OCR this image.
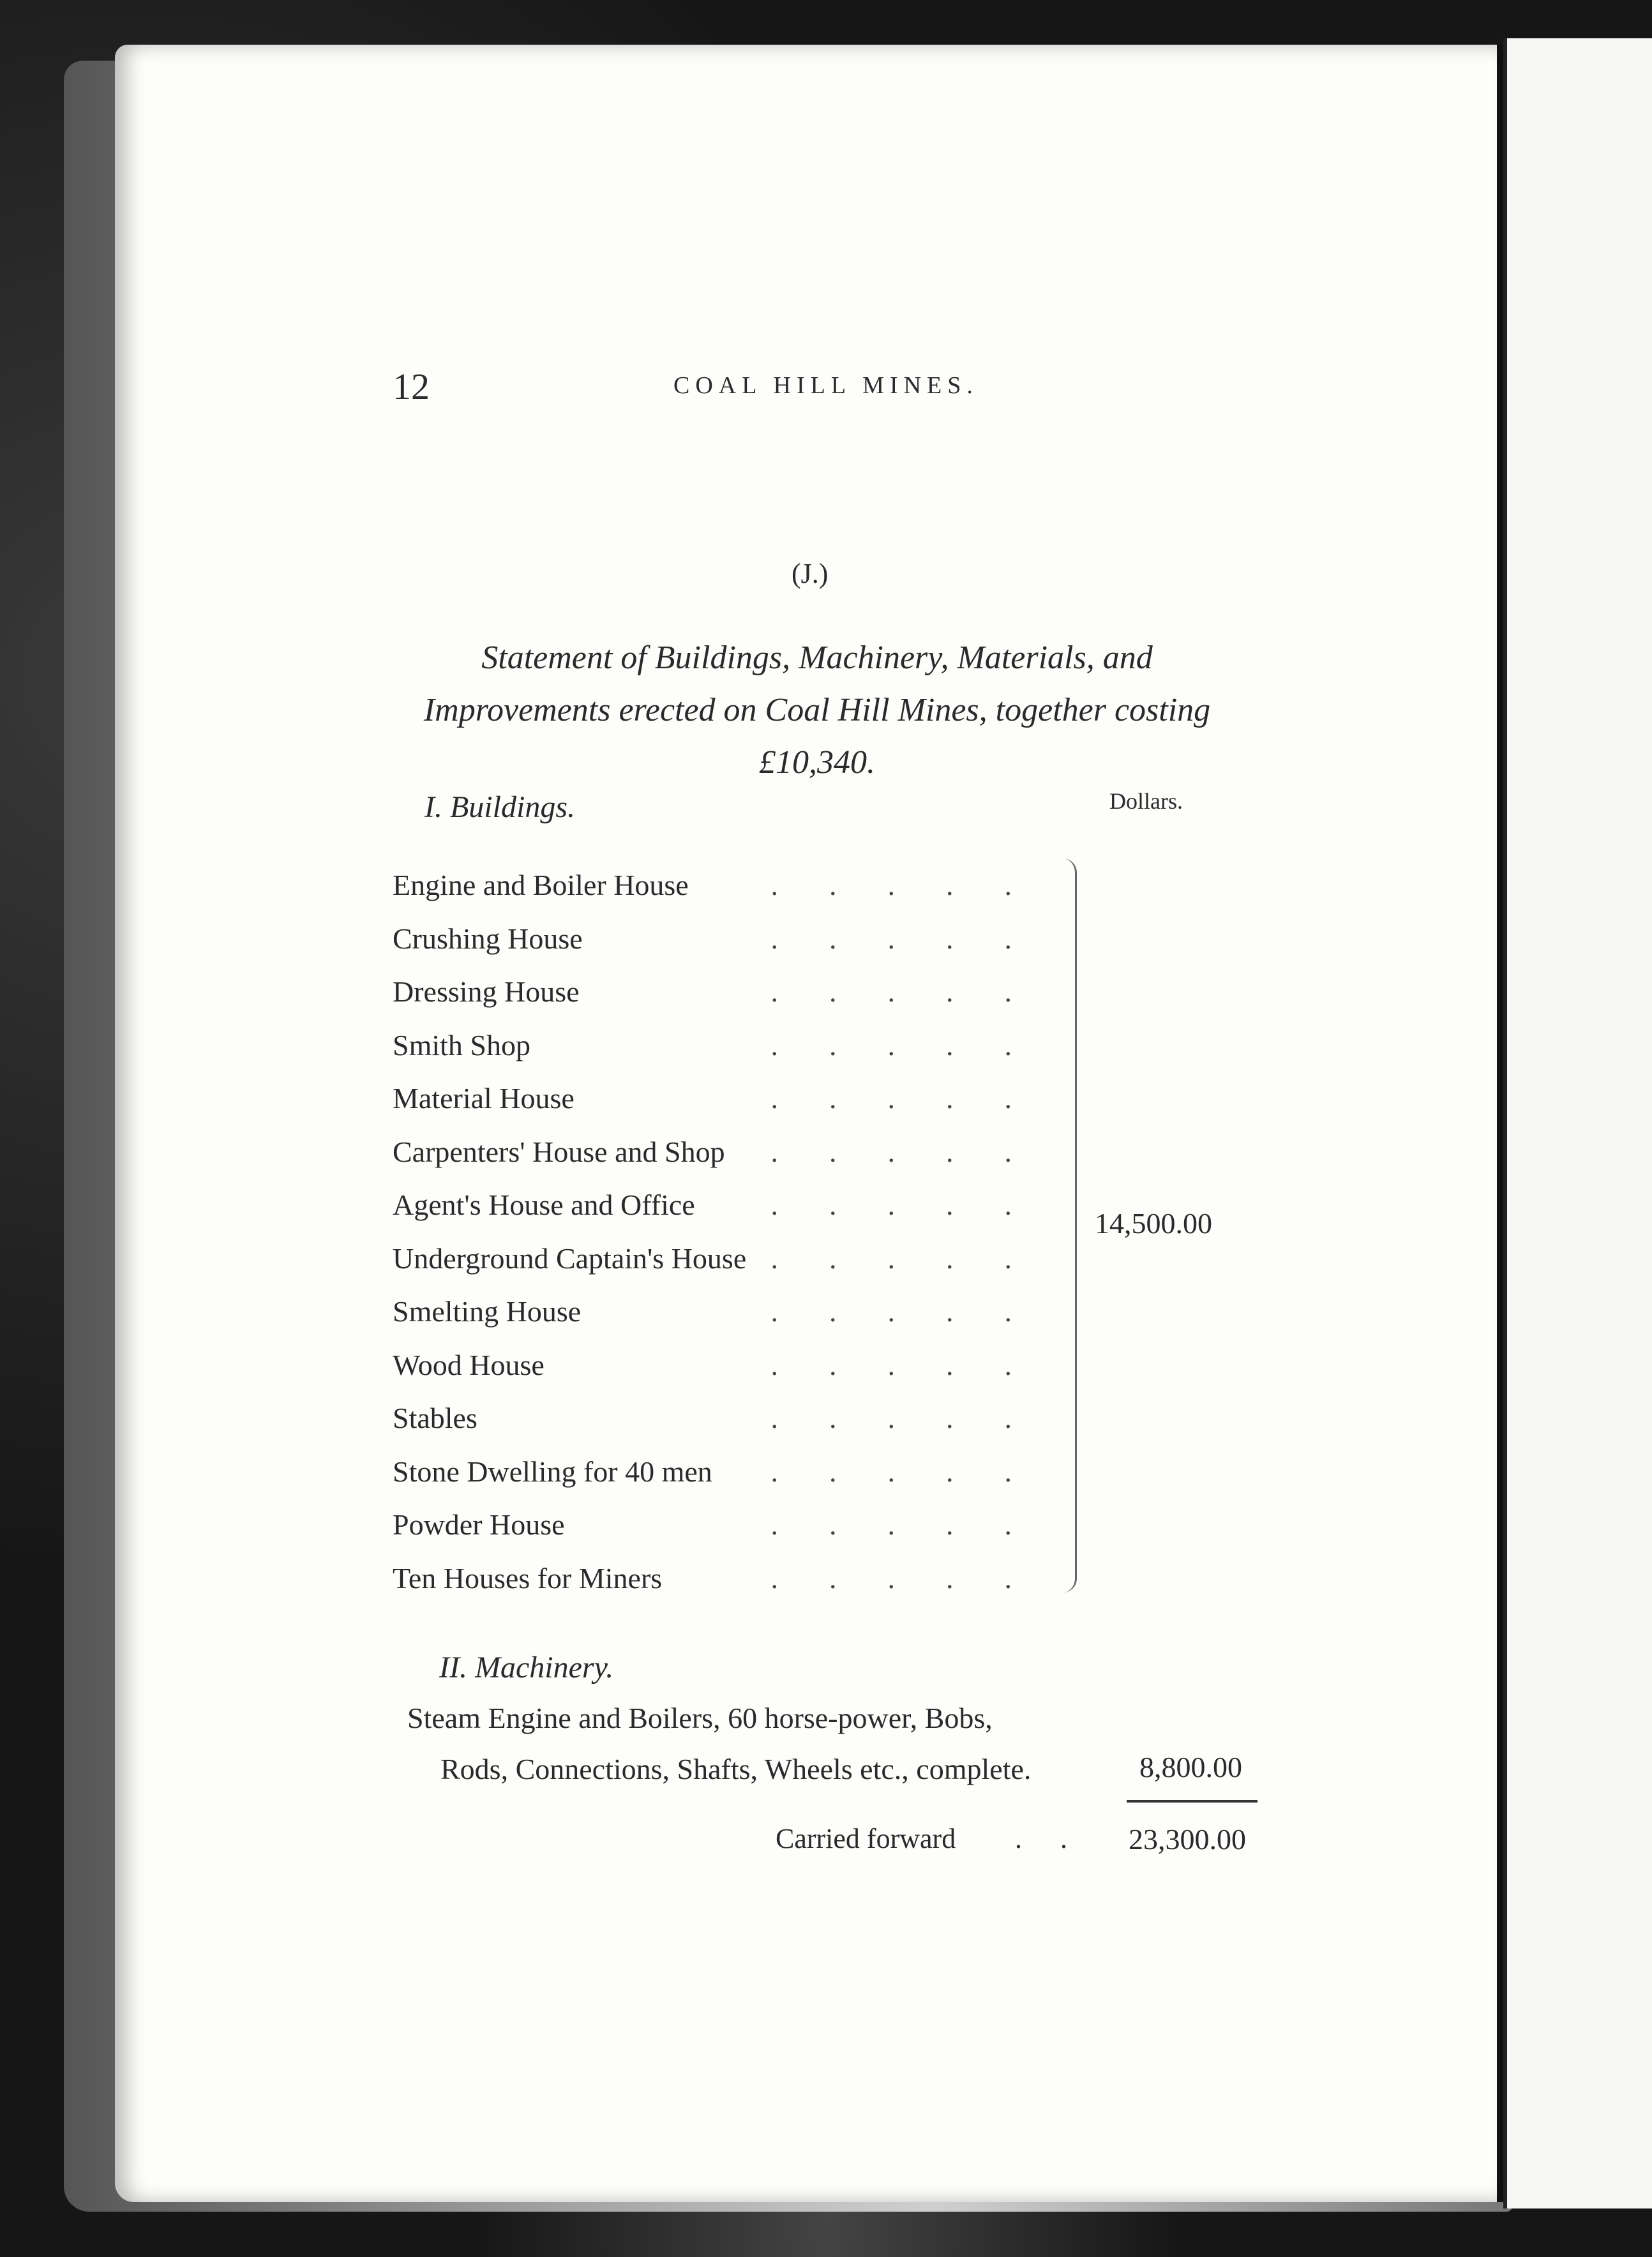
12	COAL HILL MINES.
(J.)
Statement of Buildings, Machinery, Materials, and Improvements erected on Coal Hill Mines, together costing £10,340.
I. Buildings.	Dollars.
Engine and Boiler House	.....
Crushing House	.....
Dressing House	.....
Smith Shop	.....
Material House	.....
Carpenters' House and Shop .....
Agent's House and Office	.....
Underground Captain's House .....
Smelting House	.....
Wood House	.....
Stables	.....
Stone Dwelling for 40 men .....
Powder House	.....
Ten Houses for Miners	.....
14,500.00
II. Machinery.
Steam Engine and Boilers, 60 horse-power, Bobs,
Rods, Connections, Shafts, Wheels etc., complete.	8,800.00
Carried forward .. 23,300.00
